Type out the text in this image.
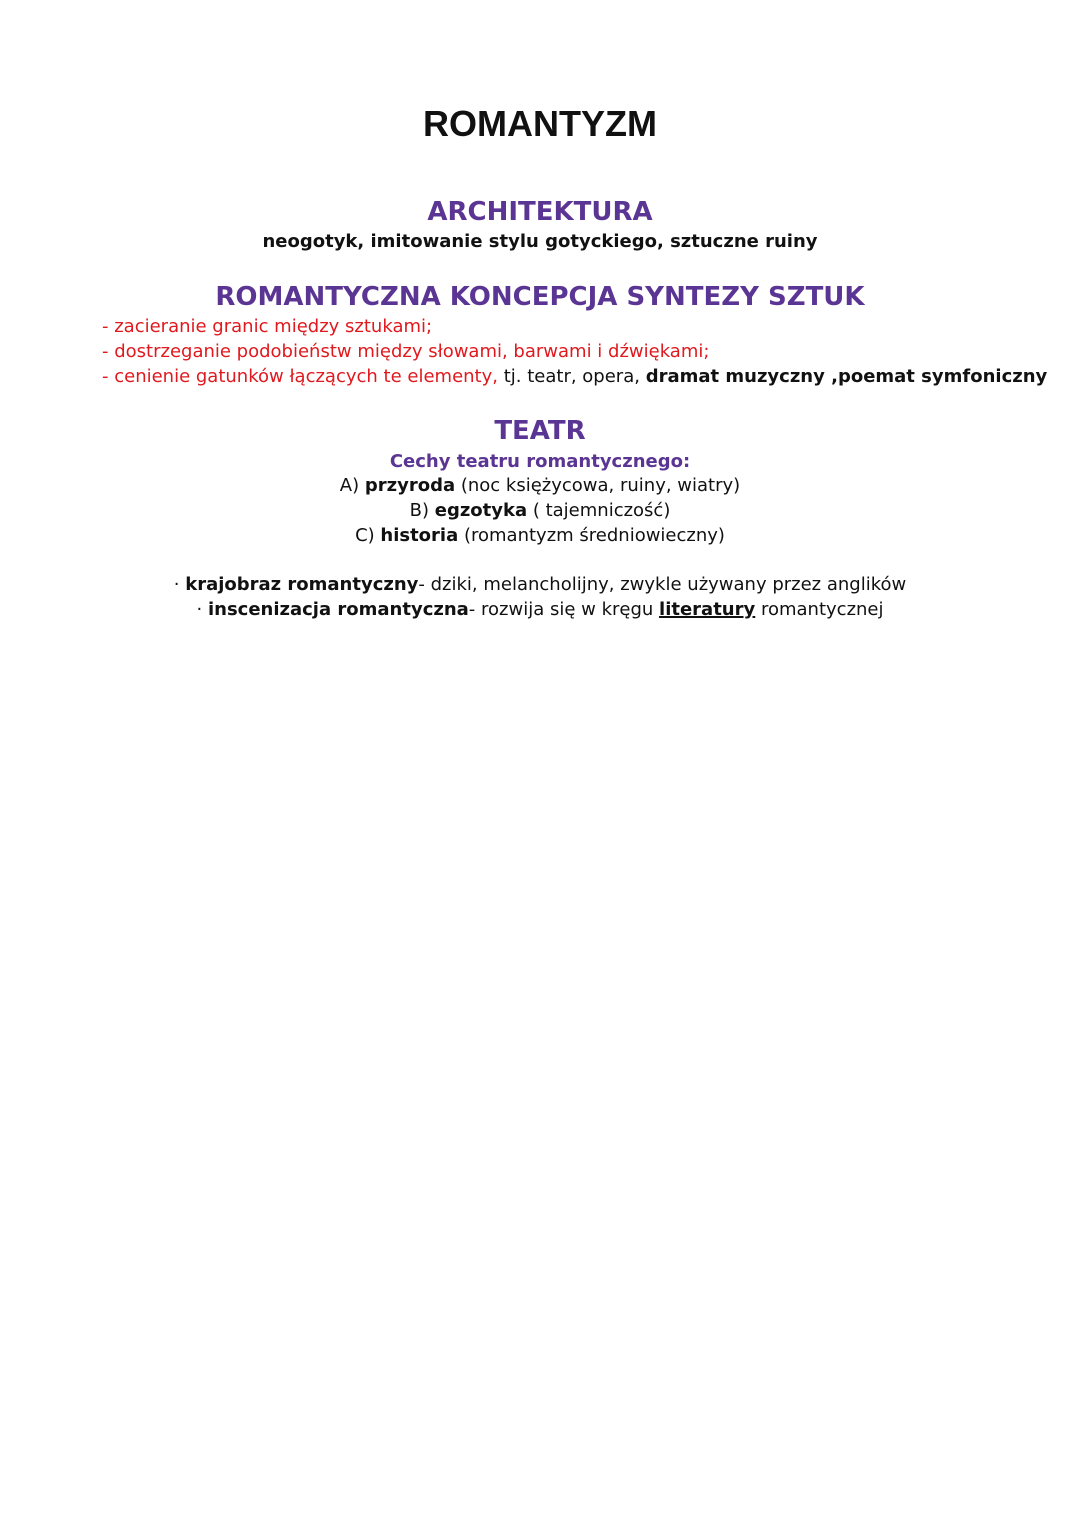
ROMANTYZM
ARCHITEKTURA
neogotyk, imitowanie stylu gotyckiego, sztuczne ruiny
ROMANTYCZNA KONCEPCJA SYNTEZY SZTUK
- zacieranie granic między sztukami;
- dostrzeganie podobieństw między słowami, barwami i dźwiękami;
- cenienie gatunków łączących te elementy, tj. teatr, opera, dramat muzyczny ,poemat symfoniczny
TEATR
Cechy teatru romantycznego:
A) przyroda (noc księżycowa, ruiny, wiatry)
B) egzotyka ( tajemniczość)
C) historia (romantyzm średniowieczny)
· krajobraz romantyczny- dziki, melancholijny, zwykle używany przez anglików
· inscenizacja romantyczna- rozwija się w kręgu literatury romantycznej
